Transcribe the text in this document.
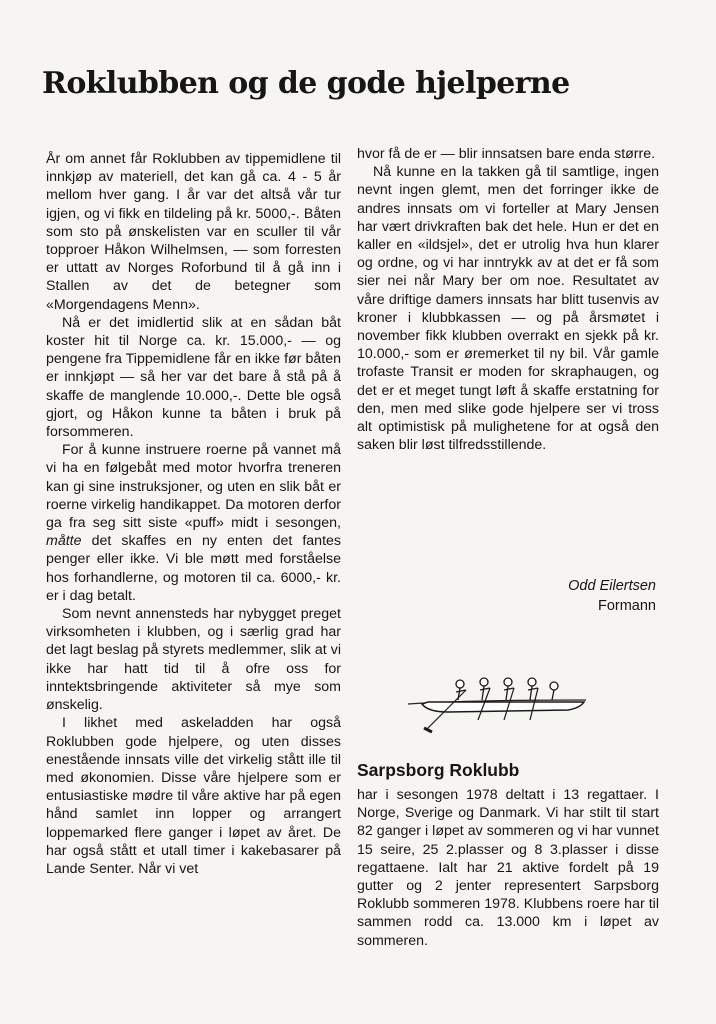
Roklubben og de gode hjelperne

År om annet får Roklubben av tippemidlene til innkjøp av materiell, det kan gå ca. 4 - 5 år mellom hver gang. I år var det altså vår tur igjen, og vi fikk en tildeling på kr. 5000,-. Båten som sto på ønskelisten var en sculler til vår topproer Håkon Wilhelmsen, — som forresten er uttatt av Norges Roforbund til å gå inn i Stallen av det de betegner som «Morgendagens Menn».

Nå er det imidlertid slik at en sådan båt koster hit til Norge ca. kr. 15.000,- — og pengene fra Tippemidlene får en ikke før båten er innkjøpt — så her var det bare å stå på å skaffe de manglende 10.000,-. Dette ble også gjort, og Håkon kunne ta båten i bruk på forsommeren.

For å kunne instruere roerne på vannet må vi ha en følgebåt med motor hvorfra treneren kan gi sine instruksjoner, og uten en slik båt er roerne virkelig handikappet. Da motoren derfor ga fra seg sitt siste «puff» midt i sesongen, måtte det skaffes en ny enten det fantes penger eller ikke. Vi ble møtt med forståelse hos forhandlerne, og motoren til ca. 6000,- kr. er i dag betalt.

Som nevnt annensteds har nybygget preget virksomheten i klubben, og i særlig grad har det lagt beslag på styrets medlemmer, slik at vi ikke har hatt tid til å ofre oss for inntektsbringende aktiviteter så mye som ønskelig.

I likhet med askeladden har også Roklubben gode hjelpere, og uten disses enestående innsats ville det virkelig stått ille til med økonomien. Disse våre hjelpere som er entusiastiske mødre til våre aktive har på egen hånd samlet inn lopper og arrangert loppemarked flere ganger i løpet av året. De har også stått et utall timer i kakebasarer på Lande Senter. Når vi vet

hvor få de er — blir innsatsen bare enda større.

Nå kunne en la takken gå til samtlige, ingen nevnt ingen glemt, men det forringer ikke de andres innsats om vi forteller at Mary Jensen har vært drivkraften bak det hele. Hun er det en kaller en «ildsjel», det er utrolig hva hun klarer og ordne, og vi har inntrykk av at det er få som sier nei når Mary ber om noe. Resultatet av våre driftige damers innsats har blitt tusenvis av kroner i klubbkassen — og på årsmøtet i november fikk klubben overrakt en sjekk på kr. 10.000,- som er øremerket til ny bil. Vår gamle trofaste Transit er moden for skraphaugen, og det er et meget tungt løft å skaffe erstatning for den, men med slike gode hjelpere ser vi tross alt optimistisk på mulighetene for at også den saken blir løst tilfredsstillende.

Odd Eilertsen
Formann
Sarpsborg Roklubb

har i sesongen 1978 deltatt i 13 regattaer. I Norge, Sverige og Danmark. Vi har stilt til start 82 ganger i løpet av sommeren og vi har vunnet 15 seire, 25 2.plasser og 8 3.plasser i disse regattaene. Ialt har 21 aktive fordelt på 19 gutter og 2 jenter representert Sarpsborg Roklubb sommeren 1978. Klubbens roere har til sammen rodd ca. 13.000 km i løpet av sommeren.
